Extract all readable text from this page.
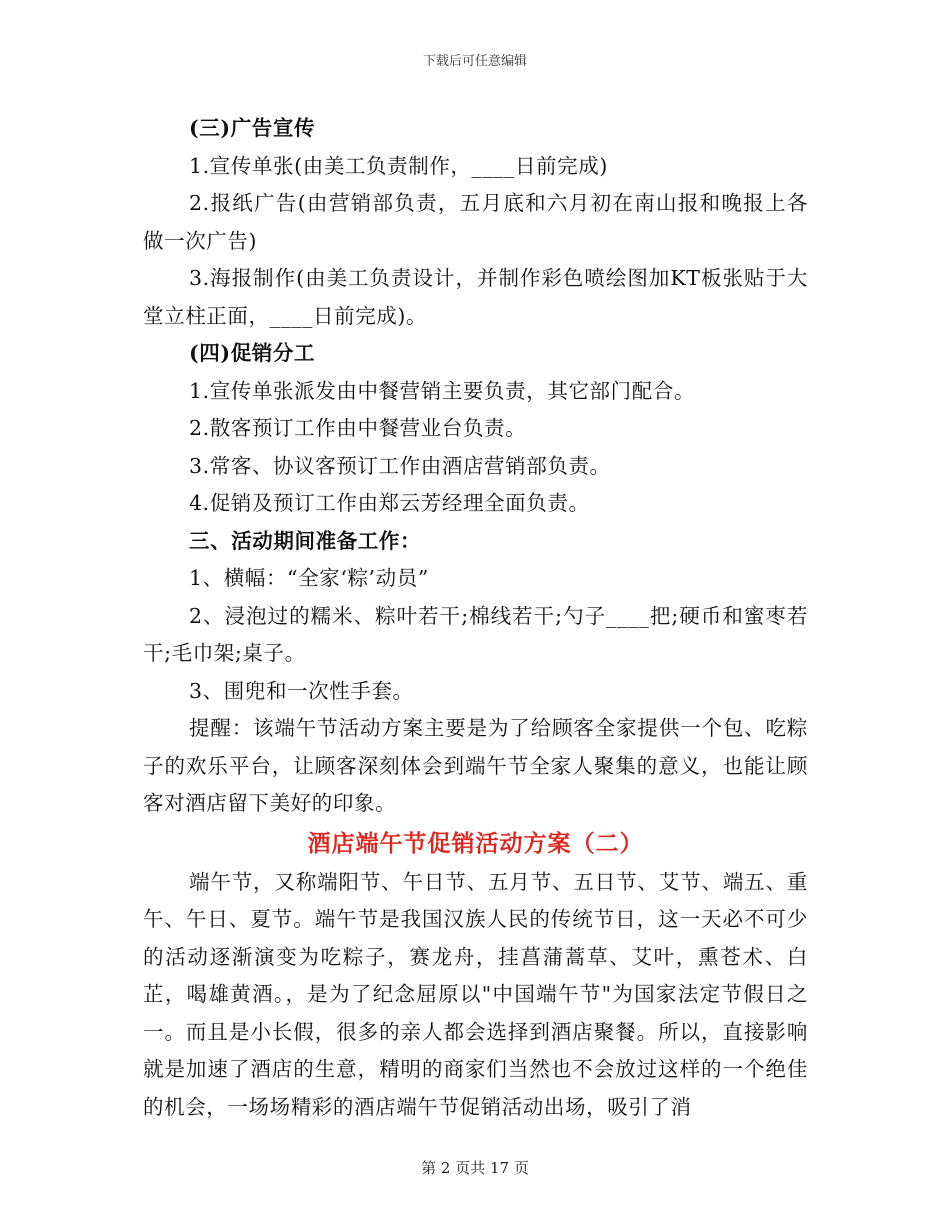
下载后可任意编辑

(三)广告宣传

1.宣传单张(由美工负责制作，____日前完成)

2.报纸广告(由营销部负责，五月底和六月初在南山报和晚报上各做一次广告)

3.海报制作(由美工负责设计，并制作彩色喷绘图加KT板张贴于大堂立柱正面，____日前完成)。

(四)促销分工

1.宣传单张派发由中餐营销主要负责，其它部门配合。

2.散客预订工作由中餐营业台负责。

3.常客、协议客预订工作由酒店营销部负责。

4.促销及预订工作由郑云芳经理全面负责。

三、活动期间准备工作：

1、横幅：“全家‘粽’动员”

2、浸泡过的糯米、粽叶若干;棉线若干;勺子____把;硬币和蜜枣若干;毛巾架;桌子。

3、围兜和一次性手套。

提醒：该端午节活动方案主要是为了给顾客全家提供一个包、吃粽子的欢乐平台，让顾客深刻体会到端午节全家人聚集的意义，也能让顾客对酒店留下美好的印象。

酒店端午节促销活动方案（二）

端午节，又称端阳节、午日节、五月节、五日节、艾节、端五、重午、午日、夏节。端午节是我国汉族人民的传统节日，这一天必不可少的活动逐渐演变为吃粽子，赛龙舟，挂菖蒲蒿草、艾叶，熏苍术、白芷，喝雄黄酒。，是为了纪念屈原以"中国端午节"为国家法定节假日之一。而且是小长假，很多的亲人都会选择到酒店聚餐。所以，直接影响就是加速了酒店的生意，精明的商家们当然也不会放过这样的一个绝佳的机会，一场场精彩的酒店端午节促销活动出场，吸引了消

第 2 页共 17 页
